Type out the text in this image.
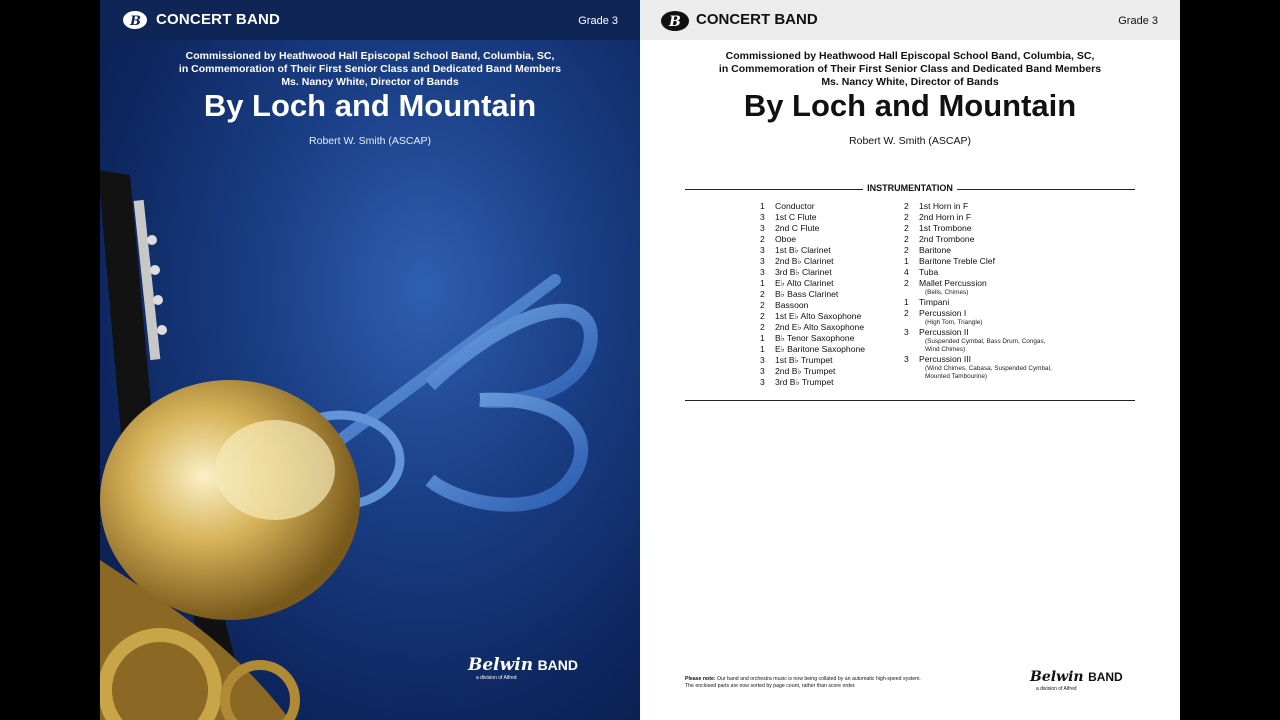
B CONCERT BAND	Grade 3
Commissioned by Heathwood Hall Episcopal School Band, Columbia, SC,
in Commemoration of Their First Senior Class and Dedicated Band Members
Ms. Nancy White, Director of Bands
By Loch and Mountain
Robert W. Smith (ASCAP)
Belwin BAND
a division of Alfred
B CONCERT BAND	Grade 3
Commissioned by Heathwood Hall Episcopal School Band, Columbia, SC,
in Commemoration of Their First Senior Class and Dedicated Band Members
Ms. Nancy White, Director of Bands
By Loch and Mountain
Robert W. Smith (ASCAP)
INSTRUMENTATION
1	Conductor
3	1st C Flute
3	2nd C Flute
2	Oboe
3	1st B♭ Clarinet
3	2nd B♭ Clarinet
3	3rd B♭ Clarinet
1	E♭ Alto Clarinet
2	B♭ Bass Clarinet
2	Bassoon
2	1st E♭ Alto Saxophone
2	2nd E♭ Alto Saxophone
1	B♭ Tenor Saxophone
1	E♭ Baritone Saxophone
3	1st B♭ Trumpet
3	2nd B♭ Trumpet
3	3rd B♭ Trumpet
2	1st Horn in F
2	2nd Horn in F
2	1st Trombone
2	2nd Trombone
2	Baritone
1	Baritone Treble Clef
4	Tuba
2	Mallet Percussion
(Bells, Chimes)
1	Timpani
2	Percussion I
(High Tom, Triangle)
3	Percussion II
(Suspended Cymbal, Bass Drum, Congas,
Wind Chimes)
3	Percussion III
(Wind Chimes, Cabasa, Suspended Cymbal,
Mounted Tambourine)
Please note: Our band and orchestra music is now being collated by an automatic high-speed system.
The enclosed parts are now sorted by page count, rather than score order.
Belwin BAND
a division of Alfred
